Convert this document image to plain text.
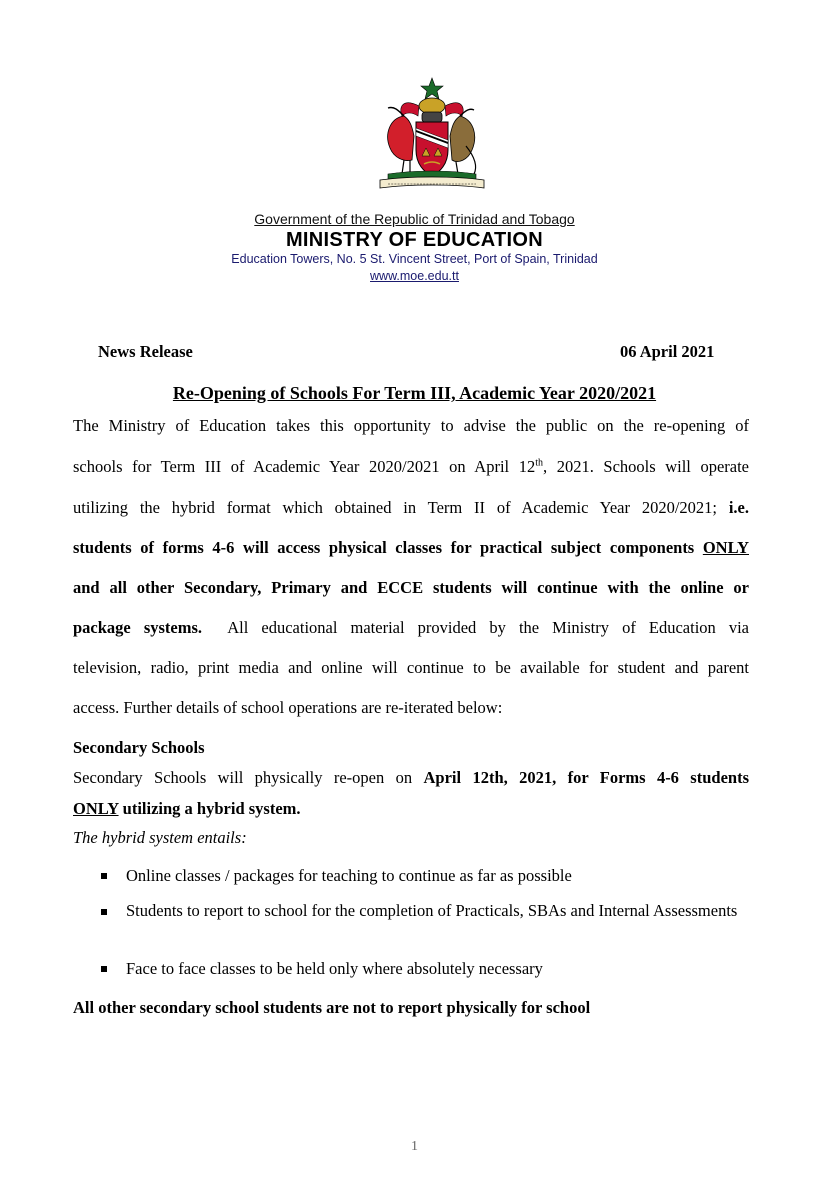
Government of the Republic of Trinidad and Tobago
MINISTRY OF EDUCATION
Education Towers, No. 5 St. Vincent Street, Port of Spain, Trinidad
www.moe.edu.tt
News Release	06 April 2021
Re-Opening of Schools For Term III, Academic Year 2020/2021
The Ministry of Education takes this opportunity to advise the public on the re-opening of
schools for Term III of Academic Year 2020/2021 on April 12th, 2021. Schools will operate
utilizing the hybrid format which obtained in Term II of Academic Year 2020/2021; i.e.
students of forms 4-6 will access physical classes for practical subject components ONLY
and all other Secondary, Primary and ECCE students will continue with the online or
package systems.  All educational material provided by the Ministry of Education via
television, radio, print media and online will continue to be available for student and parent
access. Further details of school operations are re-iterated below:
Secondary Schools
Secondary Schools will physically re-open on April 12th, 2021, for Forms 4-6 students
ONLY utilizing a hybrid system.
The hybrid system entails:
Online classes / packages for teaching to continue as far as possible
Students to report to school for the completion of Practicals, SBAs and Internal Assessments
Face to face classes to be held only where absolutely necessary
All other secondary school students are not to report physically for school
1
